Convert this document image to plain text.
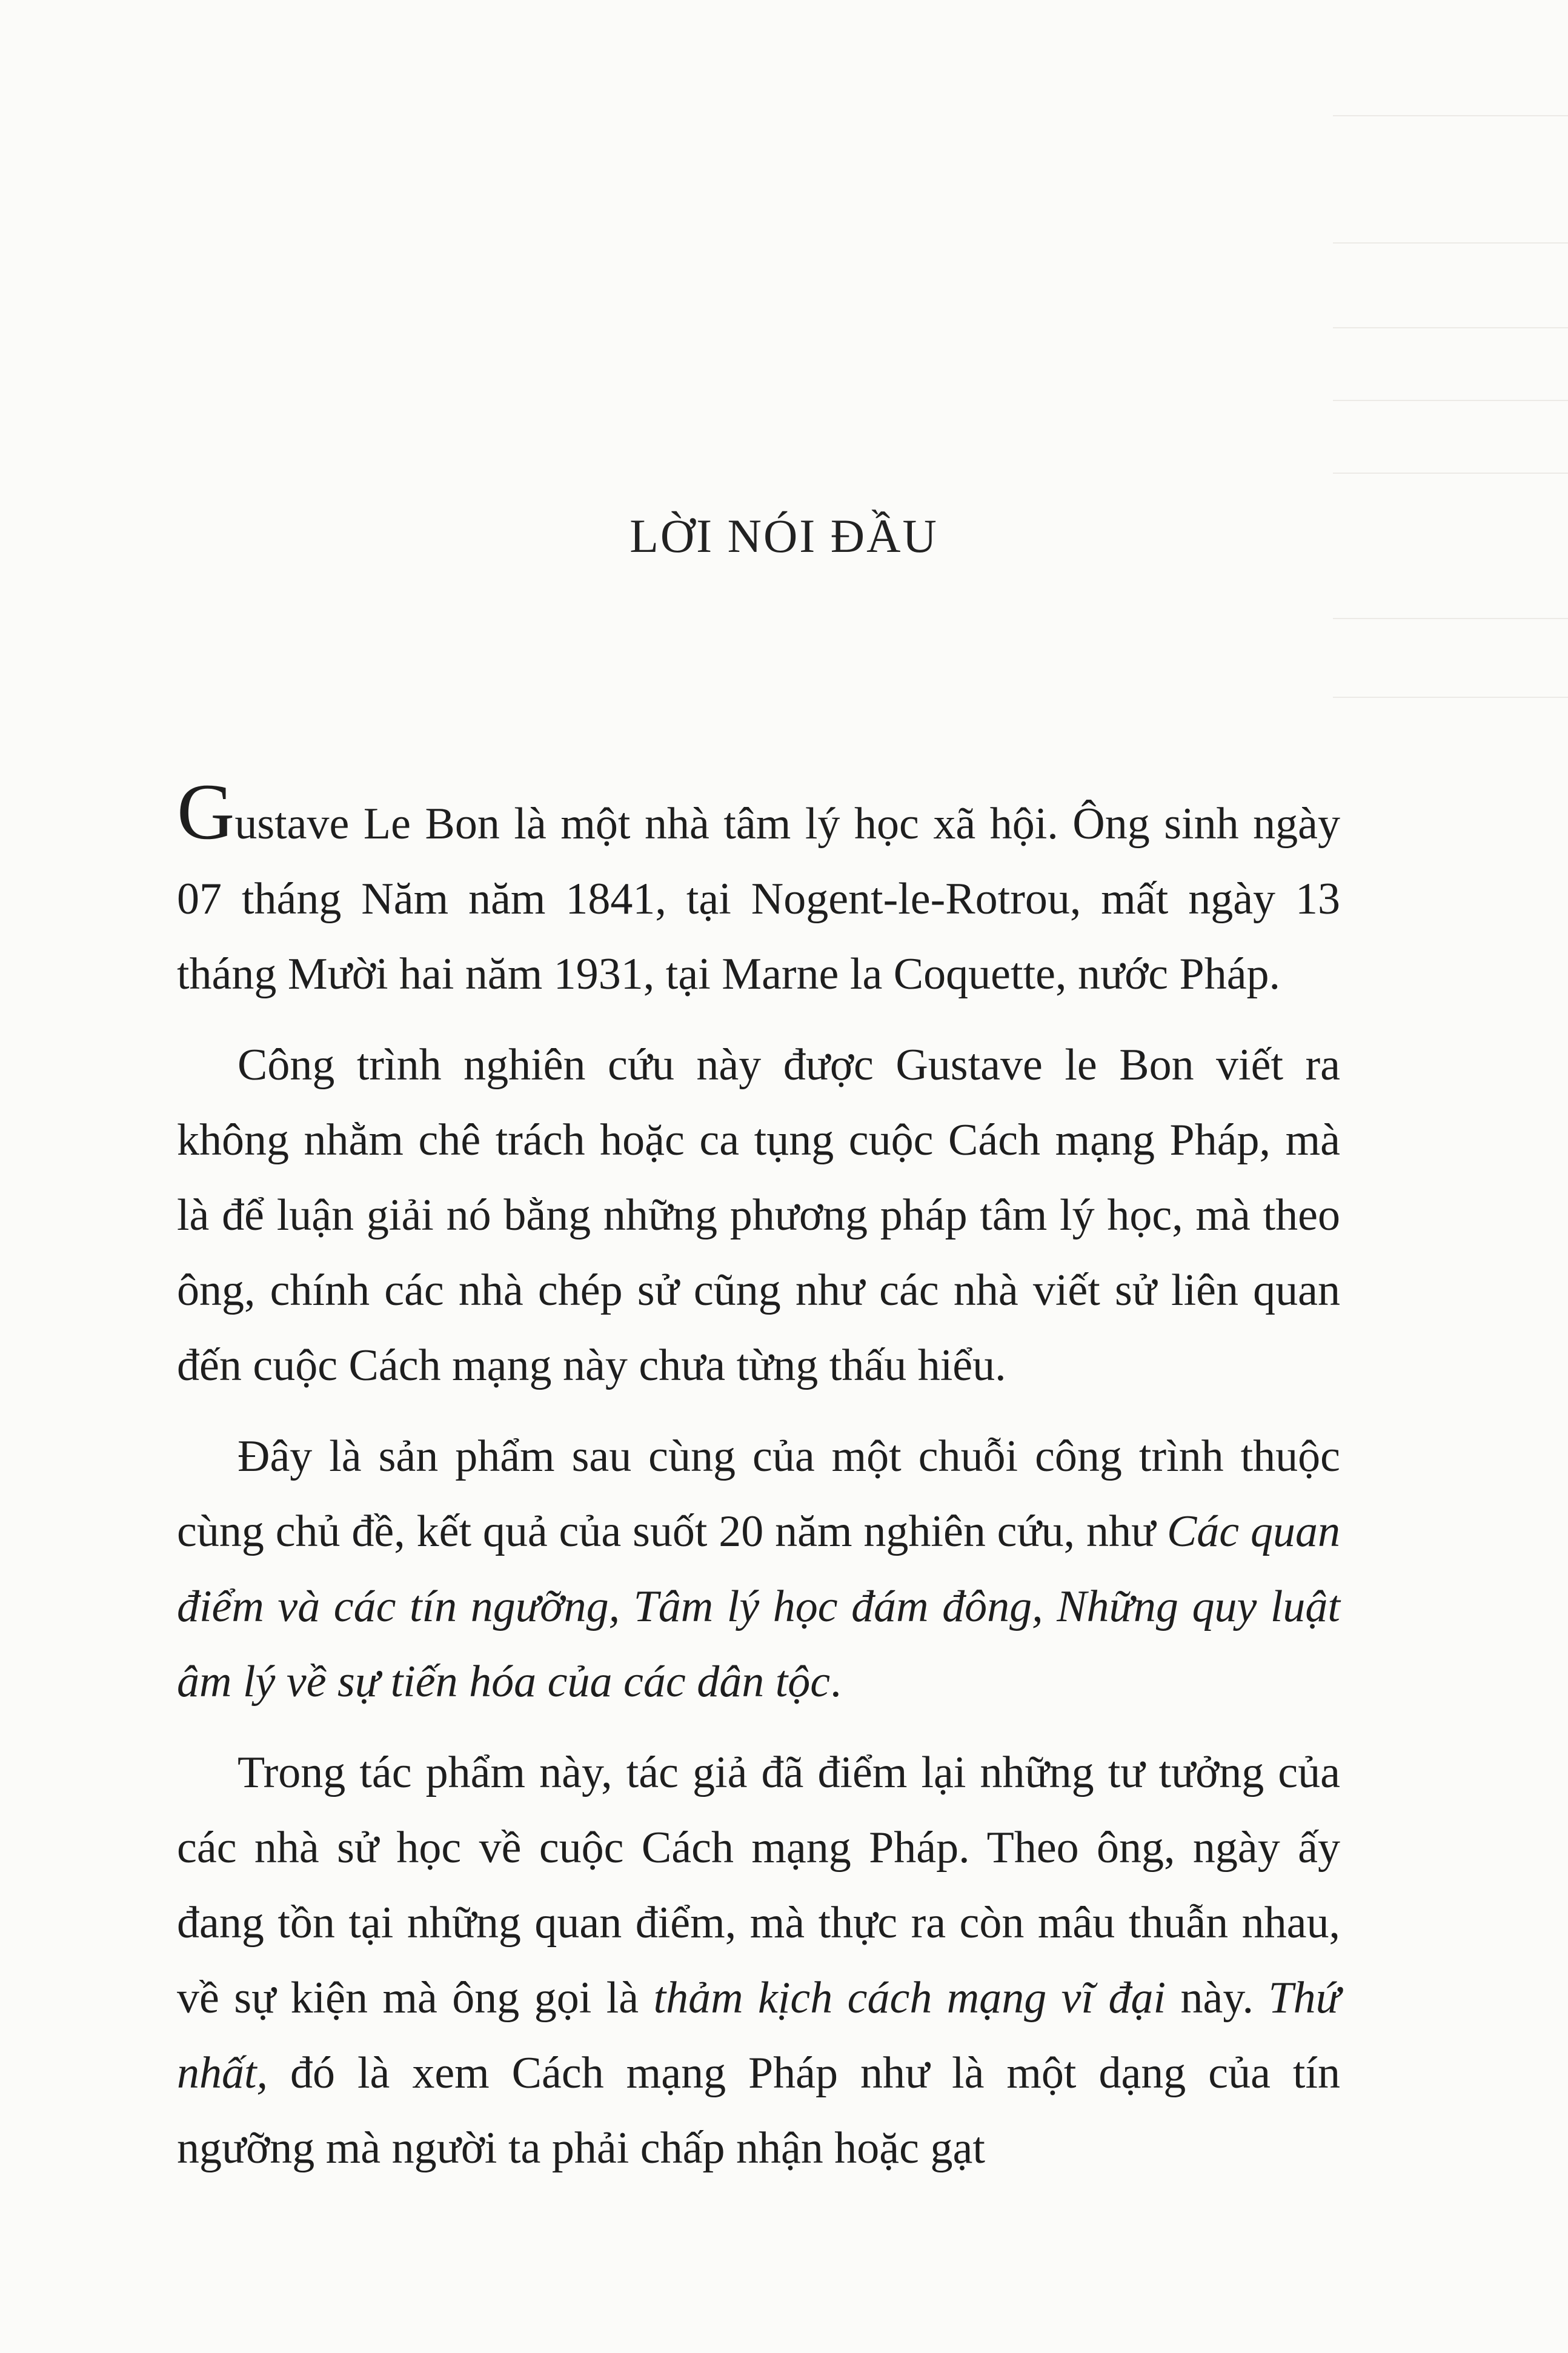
LỜI NÓI ĐẦU

Gustave Le Bon là một nhà tâm lý học xã hội. Ông sinh ngày 07 tháng Năm năm 1841, tại Nogent-le-Rotrou, mất ngày 13 tháng Mười hai năm 1931, tại Marne la Coquette, nước Pháp.

Công trình nghiên cứu này được Gustave le Bon viết ra không nhằm chê trách hoặc ca tụng cuộc Cách mạng Pháp, mà là để luận giải nó bằng những phương pháp tâm lý học, mà theo ông, chính các nhà chép sử cũng như các nhà viết sử liên quan đến cuộc Cách mạng này chưa từng thấu hiểu.

Đây là sản phẩm sau cùng của một chuỗi công trình thuộc cùng chủ đề, kết quả của suốt 20 năm nghiên cứu, như Các quan điểm và các tín ngưỡng, Tâm lý học đám đông, Những quy luật âm lý về sự tiến hóa của các dân tộc.

Trong tác phẩm này, tác giả đã điểm lại những tư tưởng của các nhà sử học về cuộc Cách mạng Pháp. Theo ông, ngày ấy đang tồn tại những quan điểm, mà thực ra còn mâu thuẫn nhau, về sự kiện mà ông gọi là thảm kịch cách mạng vĩ đại này. Thứ nhất, đó là xem Cách mạng Pháp như là một dạng của tín ngưỡng mà người ta phải chấp nhận hoặc gạt
